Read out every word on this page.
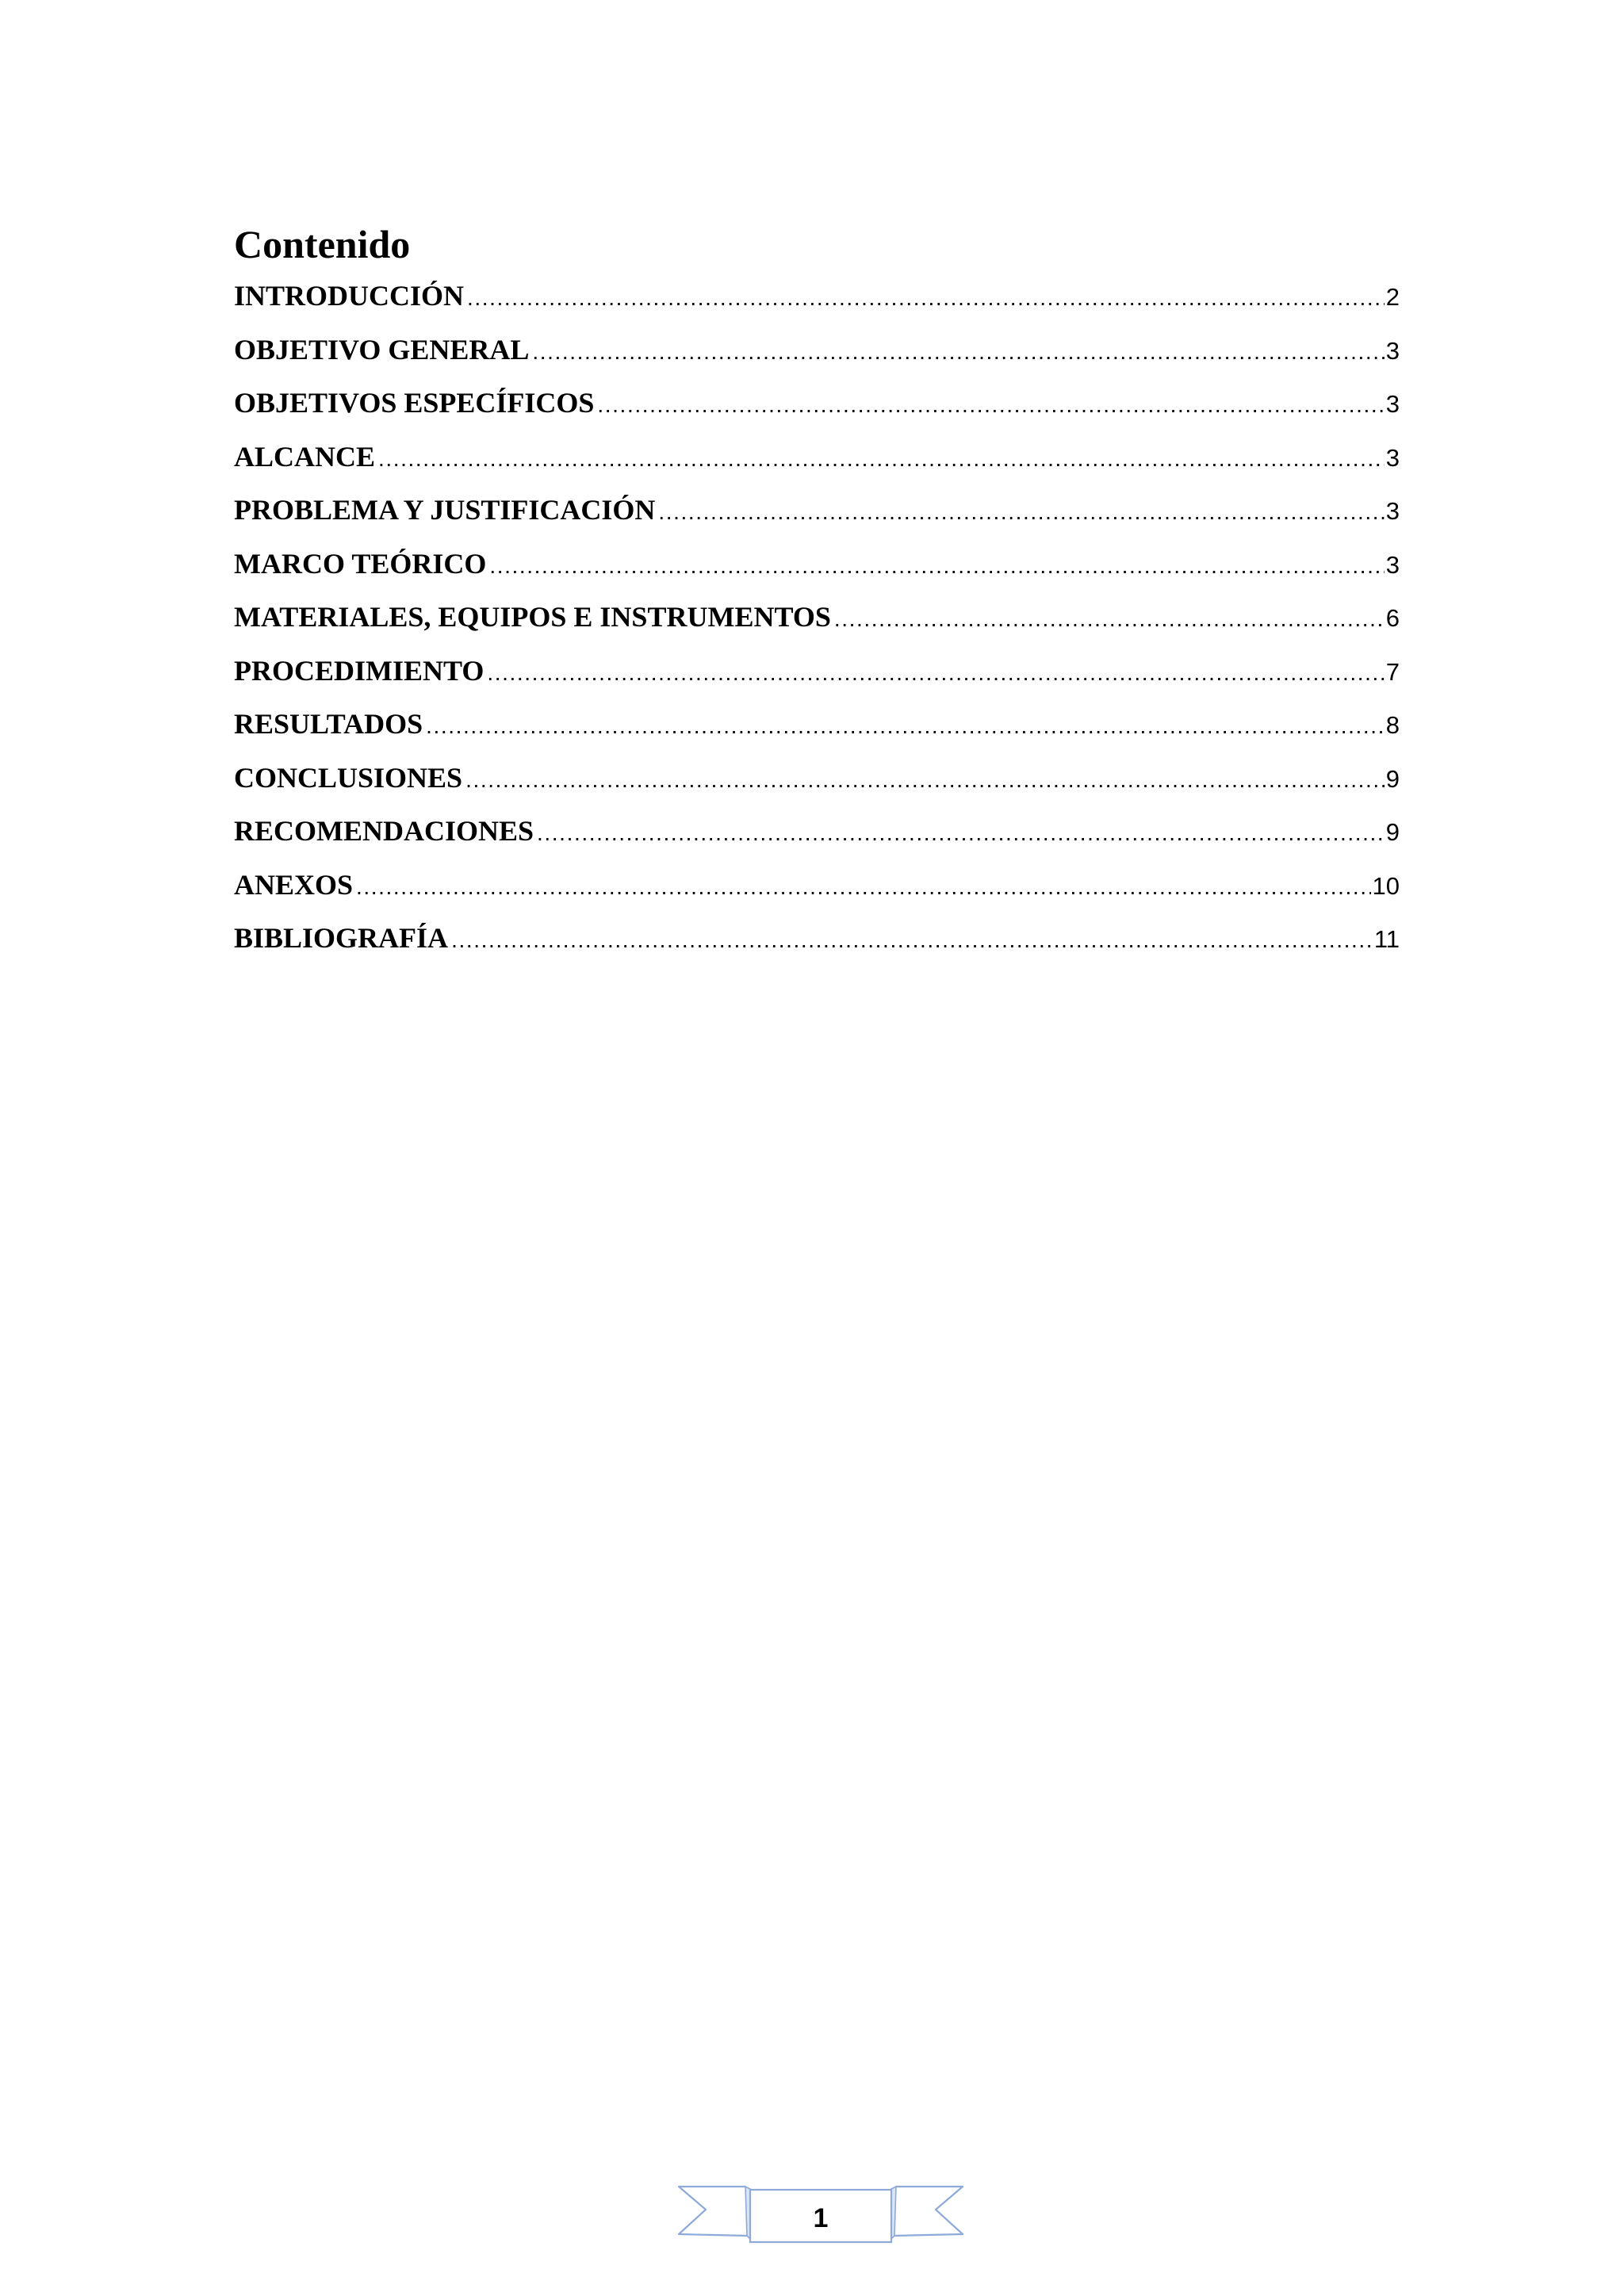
Contenido
INTRODUCCIÓN .....	2
OBJETIVO GENERAL .....	3
OBJETIVOS ESPECÍFICOS .....	3
ALCANCE .....	3
PROBLEMA Y JUSTIFICACIÓN .....	3
MARCO TEÓRICO .....	3
MATERIALES, EQUIPOS E INSTRUMENTOS .....	6
PROCEDIMIENTO .....	7
RESULTADOS .....	8
CONCLUSIONES .....	9
RECOMENDACIONES .....	9
ANEXOS .....	10
BIBLIOGRAFÍA .....	11
1
